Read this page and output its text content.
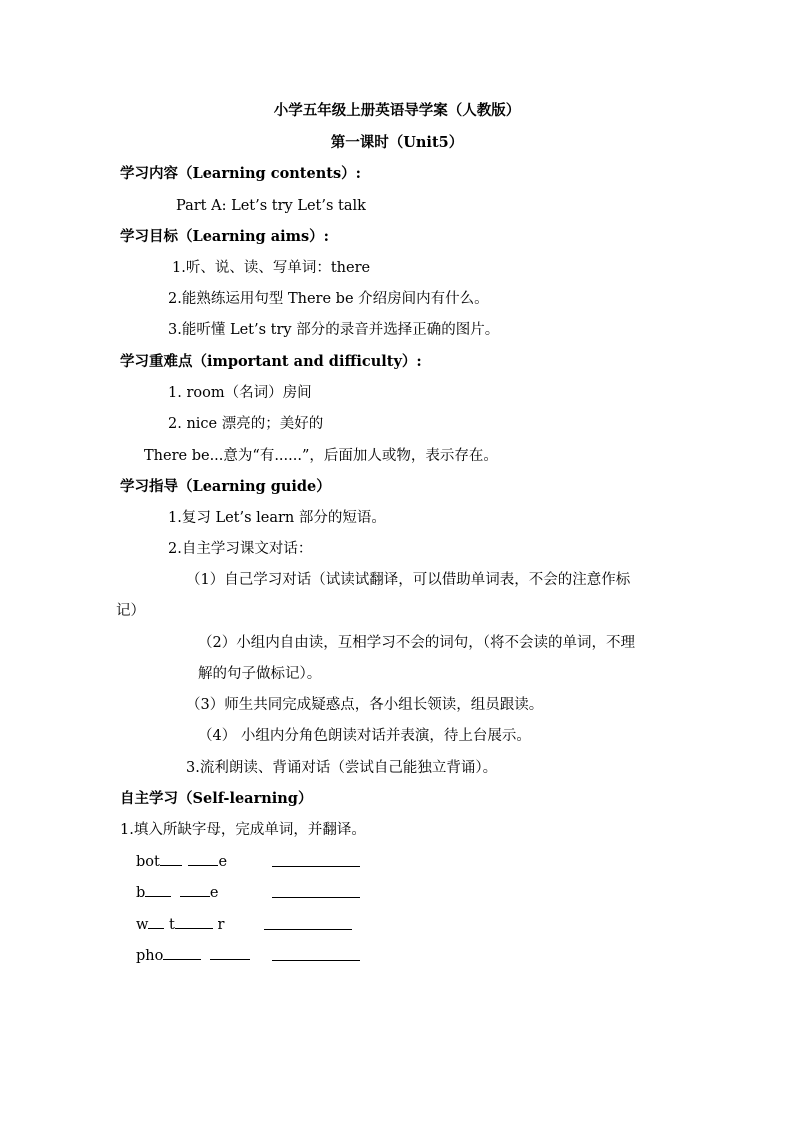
小学五年级上册英语导学案（人教版）
第一课时（Unit5）
学习内容（Learning contents）:
Part A: Let’s try Let’s talk
学习目标（Learning aims）:
1.听、说、读、写单词：there
2.能熟练运用句型 There be 介绍房间内有什么。
3.能听懂 Let’s try 部分的录音并选择正确的图片。
学习重难点（important and difficulty）:
1. room（名词）房间
2. nice 漂亮的；美好的
There be...意为“有......”，后面加人或物，表示存在。
学习指导（Learning guide）
1.复习 Let’s learn 部分的短语。
2.自主学习课文对话：
（1）自己学习对话（试读试翻译，可以借助单词表，不会的注意作标
记）
（2）小组内自由读，互相学习不会的词句，（将不会读的单词，不理
解的句子做标记）。
（3）师生共同完成疑惑点，各小组长领读，组员跟读。
（4） 小组内分角色朗读对话并表演，待上台展示。
3.流利朗读、背诵对话（尝试自己能独立背诵）。
自主学习（Self-learning）
1.填入所缺字母，完成单词，并翻译。
bot	e
b	e
w t	r
pho
